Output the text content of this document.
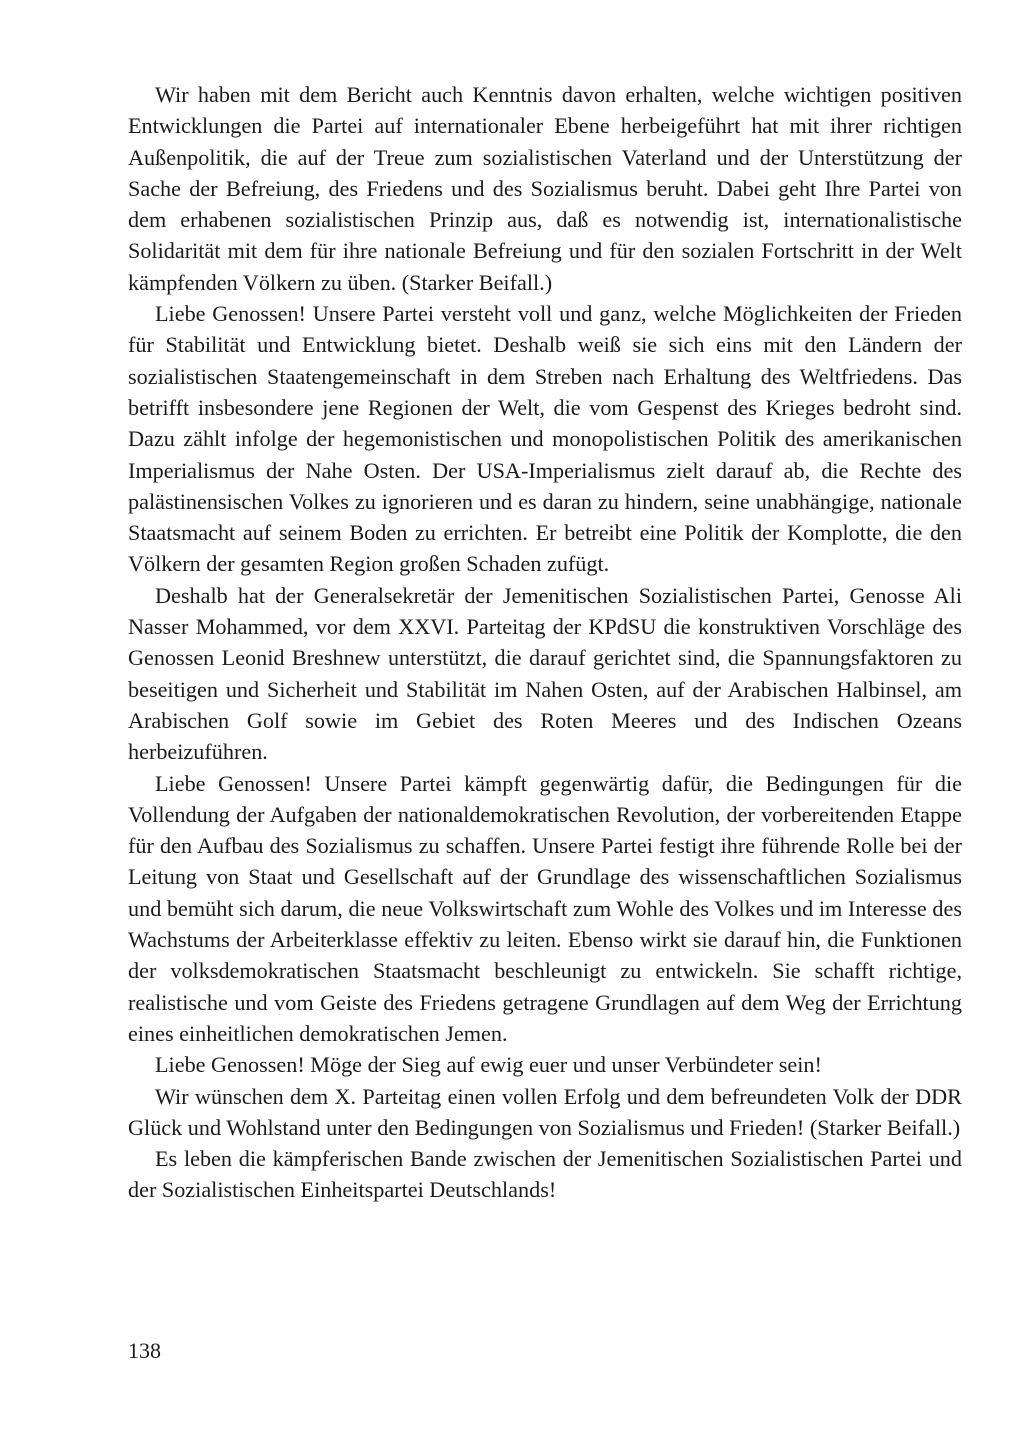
Wir haben mit dem Bericht auch Kenntnis davon erhalten, welche wichtigen positiven Entwicklungen die Partei auf internationaler Ebene herbeigeführt hat mit ihrer richtigen Außenpolitik, die auf der Treue zum sozialistischen Vaterland und der Unterstützung der Sache der Befreiung, des Friedens und des Sozialismus beruht. Dabei geht Ihre Partei von dem erhabenen sozialistischen Prinzip aus, daß es notwendig ist, internationalistische Solidarität mit dem für ihre nationale Befreiung und für den sozialen Fortschritt in der Welt kämpfenden Völkern zu üben. (Starker Beifall.)

Liebe Genossen! Unsere Partei versteht voll und ganz, welche Möglichkeiten der Frieden für Stabilität und Entwicklung bietet. Deshalb weiß sie sich eins mit den Ländern der sozialistischen Staatengemeinschaft in dem Streben nach Erhaltung des Weltfriedens. Das betrifft insbesondere jene Regionen der Welt, die vom Gespenst des Krieges bedroht sind. Dazu zählt infolge der hegemonistischen und monopolistischen Politik des amerikanischen Imperialismus der Nahe Osten. Der USA-Imperialismus zielt darauf ab, die Rechte des palästinensischen Volkes zu ignorieren und es daran zu hindern, seine unabhängige, nationale Staatsmacht auf seinem Boden zu errichten. Er betreibt eine Politik der Komplotte, die den Völkern der gesamten Region großen Schaden zufügt.

Deshalb hat der Generalsekretär der Jemenitischen Sozialistischen Partei, Genosse Ali Nasser Mohammed, vor dem XXVI. Parteitag der KPdSU die konstruktiven Vorschläge des Genossen Leonid Breshnew unterstützt, die darauf gerichtet sind, die Spannungsfaktoren zu beseitigen und Sicherheit und Stabilität im Nahen Osten, auf der Arabischen Halbinsel, am Arabischen Golf sowie im Gebiet des Roten Meeres und des Indischen Ozeans herbeizuführen.

Liebe Genossen! Unsere Partei kämpft gegenwärtig dafür, die Bedingungen für die Vollendung der Aufgaben der nationaldemokratischen Revolution, der vorbereitenden Etappe für den Aufbau des Sozialismus zu schaffen. Unsere Partei festigt ihre führende Rolle bei der Leitung von Staat und Gesellschaft auf der Grundlage des wissenschaftlichen Sozialismus und bemüht sich darum, die neue Volkswirtschaft zum Wohle des Volkes und im Interesse des Wachstums der Arbeiterklasse effektiv zu leiten. Ebenso wirkt sie darauf hin, die Funktionen der volksdemokratischen Staatsmacht beschleunigt zu entwickeln. Sie schafft richtige, realistische und vom Geiste des Friedens getragene Grundlagen auf dem Weg der Errichtung eines einheitlichen demokratischen Jemen.

Liebe Genossen! Möge der Sieg auf ewig euer und unser Verbündeter sein!

Wir wünschen dem X. Parteitag einen vollen Erfolg und dem befreundeten Volk der DDR Glück und Wohlstand unter den Bedingungen von Sozialismus und Frieden! (Starker Beifall.)

Es leben die kämpferischen Bande zwischen der Jemenitischen Sozialistischen Partei und der Sozialistischen Einheitspartei Deutschlands!

138
